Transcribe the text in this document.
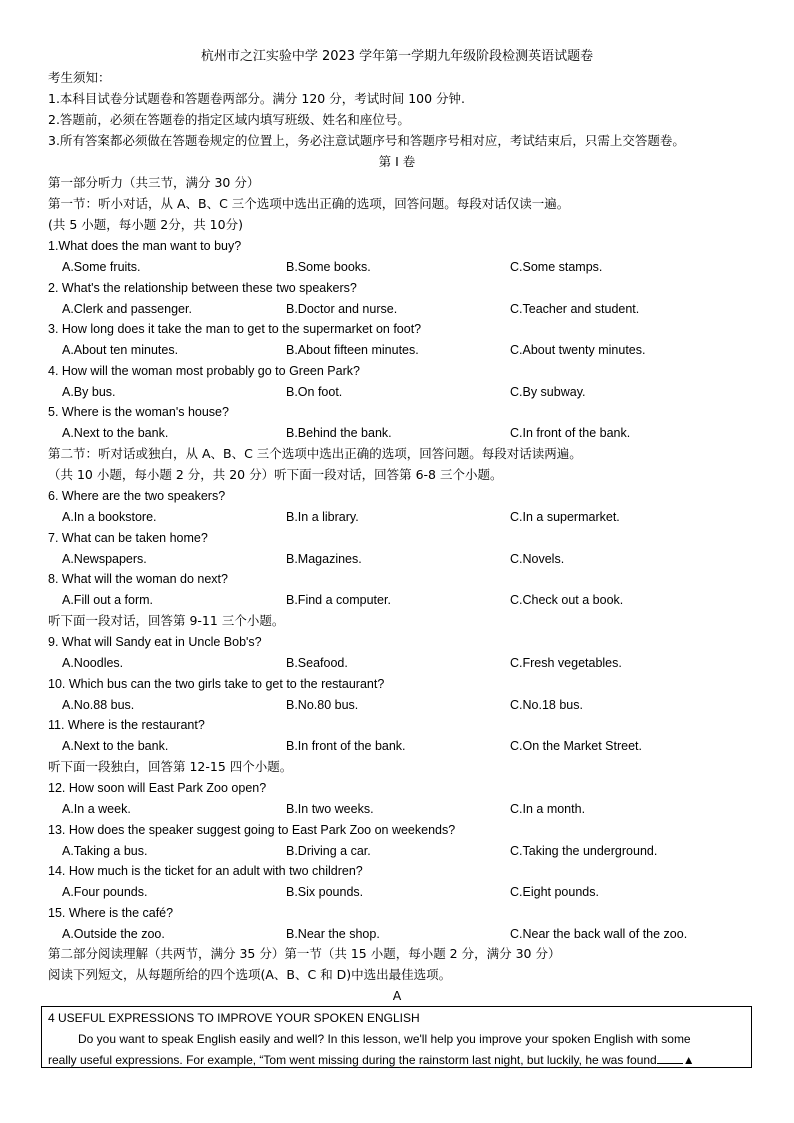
杭州市之江实验中学 2023 学年第一学期九年级阶段检测英语试题卷
考生须知：
1.本科目试卷分试题卷和答题卷两部分。满分 120 分，考试时间 100 分钟.
2.答题前，必须在答题卷的指定区域内填写班级、姓名和座位号。
3.所有答案都必须做在答题卷规定的位置上，务必注意试题序号和答题序号相对应，考试结束后，只需上交答题卷。
第 I 卷
第一部分听力（共三节，满分 30 分）
第一节：听小对话，从 A、B、C 三个选项中选出正确的选项，回答问题。每段对话仅读一遍。
(共 5 小题，每小题 2分，共 10分)
1.What does the man want to buy?
A.Some fruits.	B.Some books.	C.Some stamps.
2. What's the relationship between these two speakers?
A.Clerk and passenger.	B.Doctor and nurse.	C.Teacher and student.
3. How long does it take the man to get to the supermarket on foot?
A.About ten minutes.	B.About fifteen minutes.	C.About twenty minutes.
4. How will the woman most probably go to Green Park?
A.By bus.	B.On foot.	C.By subway.
5. Where is the woman's house?
A.Next to the bank.	B.Behind the bank.	C.In front of the bank.
第二节：听对话或独白，从 A、B、C 三个选项中选出正确的选项，回答问题。每段对话读两遍。
（共 10 小题，每小题 2 分，共 20 分）听下面一段对话，回答第 6-8 三个小题。
6. Where are the two speakers?
A.In a bookstore.	B.In a library.	C.In a supermarket.
7. What can be taken home?
A.Newspapers.	B.Magazines.	C.Novels.
8. What will the woman do next?
A.Fill out a form.	B.Find a computer.	C.Check out a book.
听下面一段对话，回答第 9-11 三个小题。
9. What will Sandy eat in Uncle Bob's?
A.Noodles.	B.Seafood.	C.Fresh vegetables.
10. Which bus can the two girls take to get to the restaurant?
A.No.88 bus.	B.No.80 bus.	C.No.18 bus.
11. Where is the restaurant?
A.Next to the bank.	B.In front of the bank.	C.On the Market Street.
听下面一段独白，回答第 12-15 四个小题。
12. How soon will East Park Zoo open?
A.In a week.	B.In two weeks.	C.In a month.
13. How does the speaker suggest going to East Park Zoo on weekends?
A.Taking a bus.	B.Driving a car.	C.Taking the underground.
14. How much is the ticket for an adult with two children?
A.Four pounds.	B.Six pounds.	C.Eight pounds.
15. Where is the café?
A.Outside the zoo.	B.Near the shop.	C.Near the back wall of the zoo.
第二部分阅读理解（共两节，满分 35 分）第一节（共 15 小题，每小题 2 分，满分 30 分）
阅读下列短文，从每题所给的四个选项(A、B、C 和 D)中选出最佳选项。
A
4 USEFUL EXPRESSIONS TO IMPROVE YOUR SPOKEN ENGLISH
Do you want to speak English easily and well? In this lesson, we'll help you improve your spoken English with some
really useful expressions. For example, “Tom went missing during the rainstorm last night, but luckily, he was found ▲
